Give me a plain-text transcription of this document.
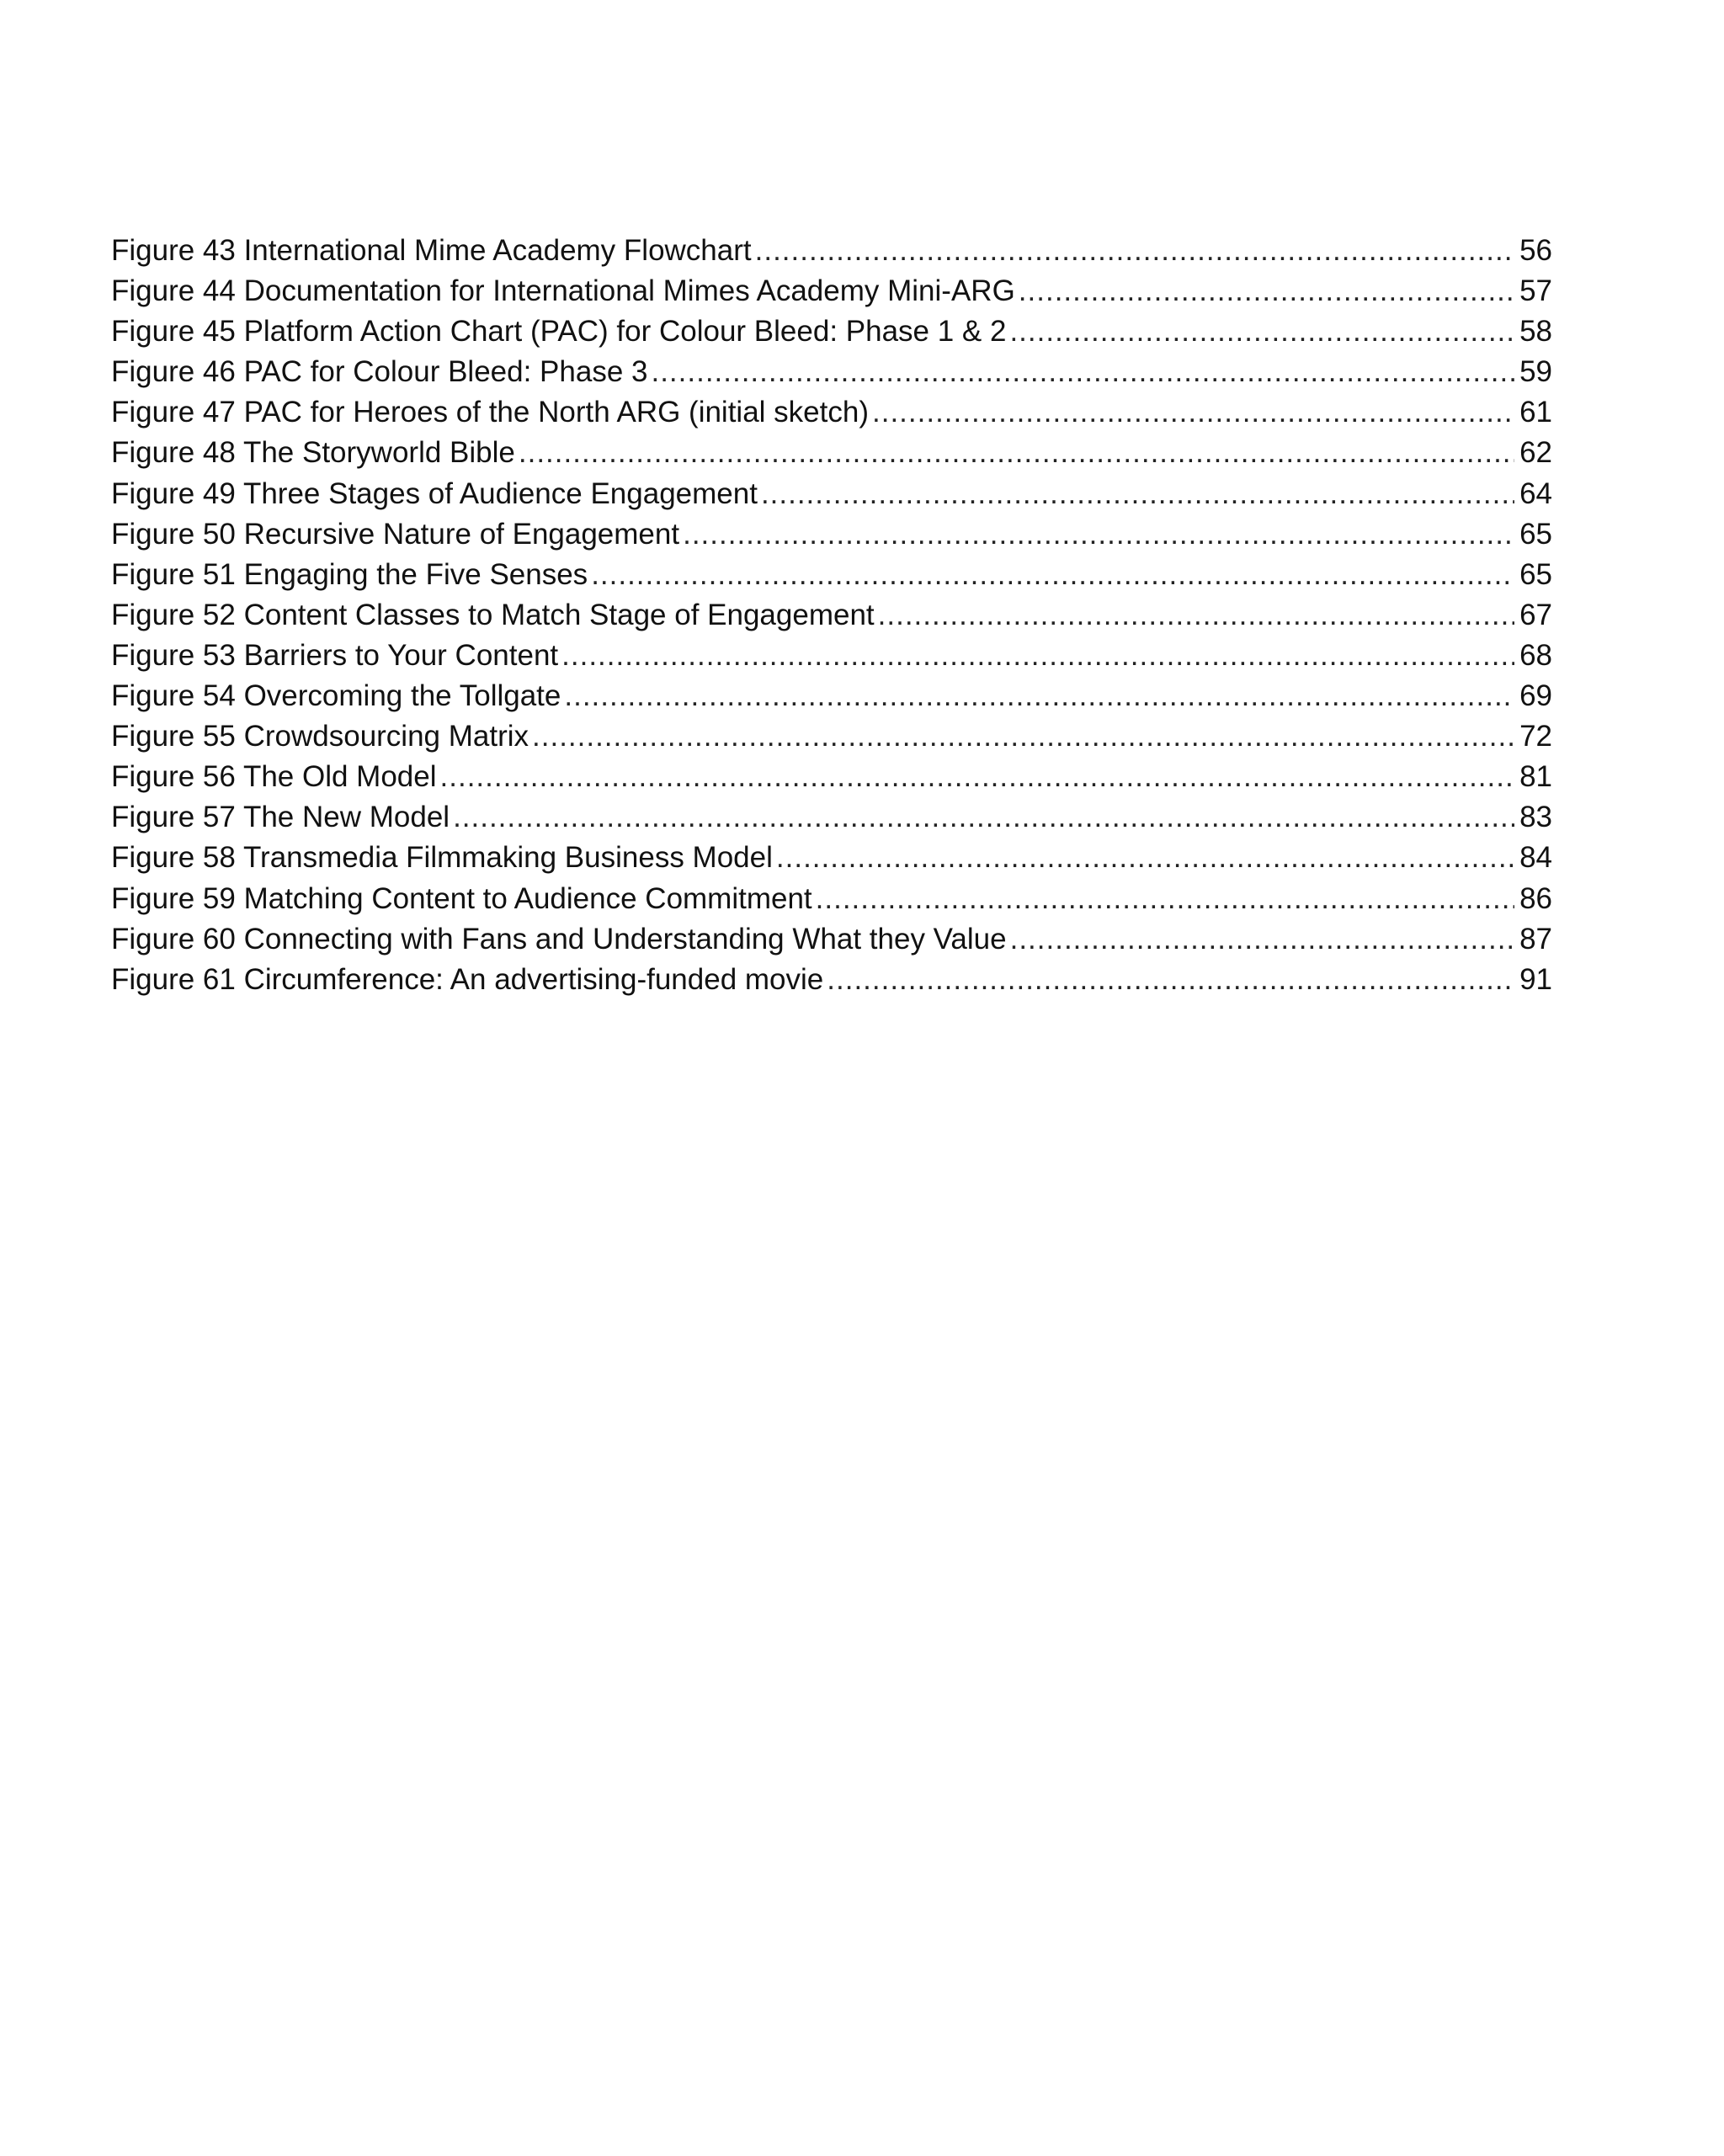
Figure 43 International Mime Academy Flowchart .....	56
Figure 44 Documentation for International Mimes Academy Mini-ARG .....	57
Figure 45 Platform Action Chart (PAC) for Colour Bleed: Phase 1 & 2 .....	58
Figure 46 PAC for Colour Bleed: Phase 3 .....	59
Figure 47 PAC for Heroes of the North ARG (initial sketch) .....	61
Figure 48 The Storyworld Bible .....	62
Figure 49 Three Stages of Audience Engagement .....	64
Figure 50 Recursive Nature of Engagement .....	65
Figure 51 Engaging the Five Senses .....	65
Figure 52 Content Classes to Match Stage of Engagement .....	67
Figure 53 Barriers to Your Content .....	68
Figure 54 Overcoming the Tollgate .....	69
Figure 55 Crowdsourcing Matrix .....	72
Figure 56 The Old Model .....	81
Figure 57 The New Model .....	83
Figure 58 Transmedia Filmmaking Business Model .....	84
Figure 59 Matching Content to Audience Commitment .....	86
Figure 60 Connecting with Fans and Understanding What they Value .....	87
Figure 61 Circumference: An advertising-funded movie .....	91
